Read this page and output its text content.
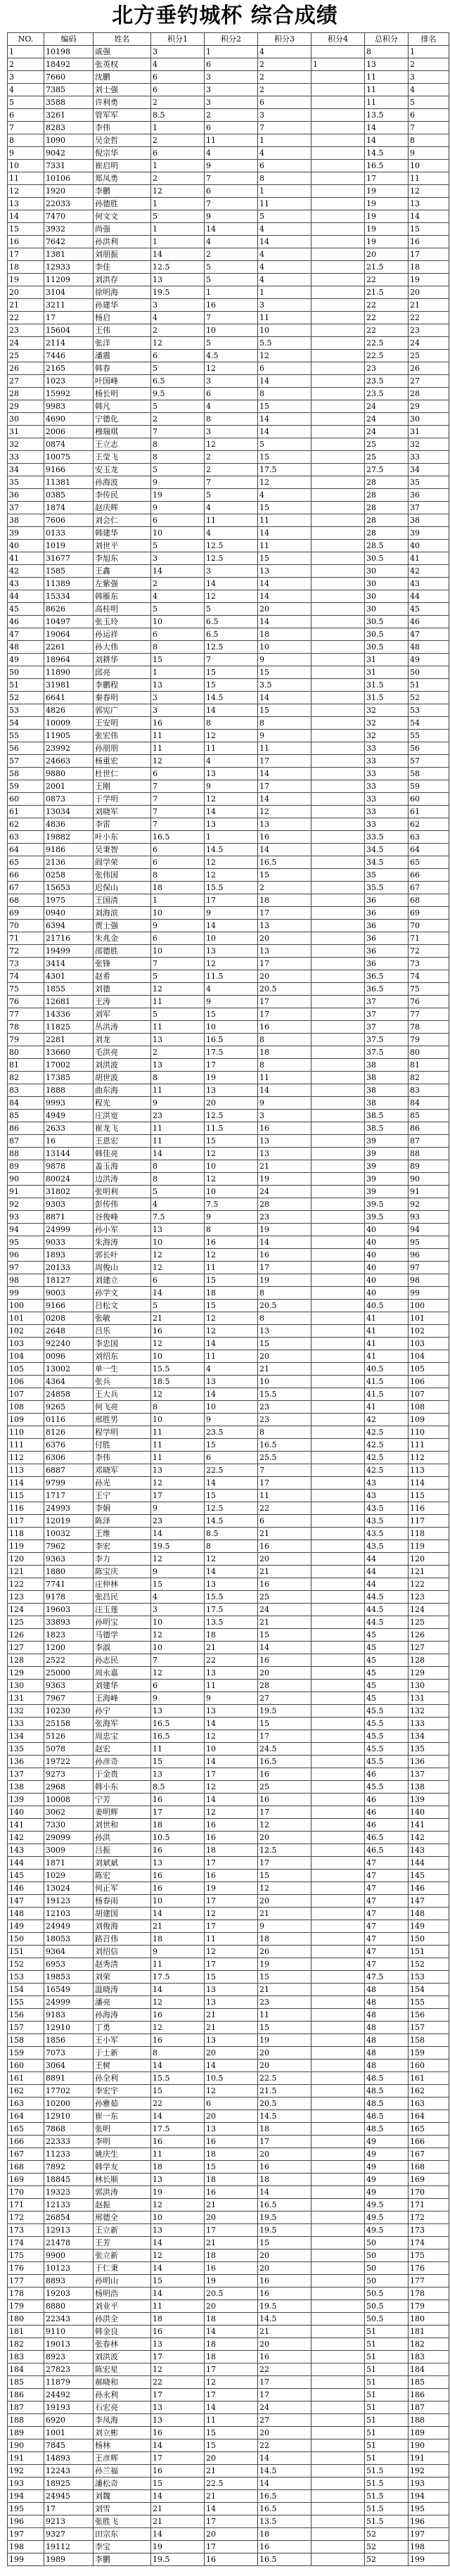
北方垂钓城杯 综合成绩
NO.	编码	姓名	积分1	积分2	积分3	积分4	总积分	排名
1	10198	戚强	3	1	4		8	1
2	18492	张英权	4	6	2	1	13	2
3	7660	沈鹏	6	3	2		11	3
4	7385	刘士强	6	3	2		11	4
5	3588	许利勇	2	3	6		11	5
6	3261	管军军	8.5	2	3		13.5	6
7	8283	李伟	1	6	7		14	7
8	1090	吴金哲	2	11	1		14	8
9	9042	倪宗华	6	4	4		14.5	9
10	7331	崔启明	1	9	6		16.5	10
11	10106	郑凤勇	2	7	8		17	11
12	1920	李鹏	12	6	1		19	12
13	22033	孙德胜	1	7	11		19	13
14	7470	何文文	5	9	5		19	14
15	3932	尚强	1	14	4		19	15
16	7642	孙洪利	1	4	14		19	16
17	1381	刘朋振	14	2	4		20	17
18	12933	李佳	12.5	5	4		21.5	18
19	11209	刘洪存	13	5	4		22	19
20	3104	徐明海	19.5	1	1		21.5	20
21	3211	孙建华	3	16	3		22	21
22	17	杨启	4	7	11		22	22
23	15604	王伟	2	10	10		22	23
24	2114	张洋	12	5	5.5		22.5	24
25	7446	潘震	6	4.5	12		22.5	25
26	2165	韩春	5	12	6		23	26
27	1023	叶国峰	6.5	3	14		23.5	27
28	15992	杨长明	9.5	6	8		23.5	28
29	9983	韩凡	5	4	15		24	29
30	4690	宁德化	2	8	14		24	30
31	2006	穆瑞琪	7	3	14		24	31
32	0874	王立志	8	12	5		25	32
33	10075	王莹飞	8	2	15		25	33
34	9166	安玉龙	5	2	17.5		27.5	34
35	11381	孙海波	9	7	12		28	35
36	0385	李传民	19	5	4		28	36
37	1874	赵庆辉	9	4	15		28	37
38	7606	刘会仁	6	11	11		28	38
39	0133	韩建华	10	4	14		28	39
40	1019	刘世平	5	12.5	11		28.5	40
41	31677	李旭东	3	12.5	15		30.5	41
42	1585	王鑫	14	3	13		30	42
43	11389	左紫强	2	14	14		30	43
44	15334	韩雁东	4	12	14		30	44
45	8626	高桂明	5	5	20		30	45
46	10497	张玉玲	10	6.5	14		30.5	46
47	19064	孙运祥	6	6.5	18		30.5	47
48	2261	孙大伟	8	12.5	10		30.5	48
49	18964	刘耕华	15	7	9		31	49
50	11890	邱亮	1	15	15		31	50
51	31981	李鹏程	13	15	3.5		31.5	51
52	6641	秦春明	3	14.5	14		31.5	52
53	4826	郭宪广	3	14	15		32	53
54	10009	王安明	16	8	8		32	54
55	11905	张宏伟	11	12	9		32	55
56	23992	孙朋朋	11	11	11		33	56
57	24663	杨重宏	12	4	17		33	57
58	9880	杜世仁	6	13	14		33	58
59	2001	王刚	7	9	17		33	59
60	0873	于学明	7	12	14		33	60
61	13034	刘晓军	7	14	12		33	61
62	4836	李雷	7	13	13		33	62
63	19882	叶小东	16.5	1	16		33.5	63
64	9186	吴秉智	6	14.5	14		34.5	64
65	2136	阎学荣	6	12	16.5		34.5	65
66	0258	张伟国	8	12	15		35	66
67	15653	迟保山	18	15.5	2		35.5	67
68	1975	王国清	1	17	18		36	68
69	0940	刘海滨	10	9	17		36	69
70	6394	贾士强	9	14	13		36	70
71	21716	朱兆金	6	10	20		36	71
72	19499	邵德胜	10	13	13		36	72
73	3414	张锋	7	12	17		36	73
74	4301	赵希	5	11.5	20		36.5	74
75	1855	刘德	12	4	20.5		36.5	75
76	12681	王涛	11	9	17		37	76
77	14336	刘军	5	15	17		37	77
78	11825	丛洪涛	11	10	16		37	78
79	2281	刘龙	13	16.5	8		37.5	79
80	13660	毛洪亮	2	17.5	18		37.5	80
81	17002	刘洪波	13	17	8		38	81
82	17385	胡世波	8	19	11		38	82
83	1888	曲东海	11	13	14		38	83
84	9993	程光	9	20	9		38	84
85	4949	庄洪宽	23	12.5	3		38.5	85
86	2633	崔龙飞	11	11.5	16		38.5	86
87	16	王恩宏	11	15	13		39	87
88	13144	韩佳亮	14	12	13		39	88
89	9878	盖玉海	8	10	21		39	89
90	80024	边洪涛	8	12	19		39	90
91	31802	张明利	5	10	24		39	91
92	9303	彭传伟	4	7.5	28		39.5	92
93	8871	谷俊峰	7.5	9	23		39.5	93
94	24999	孙小军	13	8	19		40	94
95	9033	朱海涛	10	16	14		40	95
96	1893	郭长叶	12	12	16		40	96
97	20133	周俊山	12	11	17		40	97
98	18127	刘建立	6	15	19		40	98
99	9003	孙学文	14	18	8		40	99
100	9166	吕松文	5	15	20.5		40.5	100
101	0208	张敏	21	12	8		41	101
102	2648	吕乐	16	12	13		41	102
103	92240	李忠国	12	14	15		41	103
104	0096	刘绍东	10	11	20		41	104
105	13002	单一生	15.5	4	21		40.5	105
106	4364	张兵	18.5	13	10		41.5	106
107	24858	王大兵	12	14	15.5		41.5	107
108	9265	何飞亮	8	10	23		41	108
109	0116	邢胜男	10	9	23		42	109
110	8126	程学明	11	23.5	8		42.5	110
111	6376	付胜	11	15	16.5		42.5	111
112	6306	李伟	11	6	25.5		42.5	112
113	6887	邓晓军	13	22.5	7		42.5	113
114	9799	孙光	12	14	17		43	114
115	1717	王宁	17	15	11		43	115
116	24993	李娟	9	12.5	22		43.5	116
117	12019	陈泽	23	14.5	6		43.5	117
118	10032	王维	14	8.5	21		43.5	118
119	7962	李宏	19.5	8	16		43.5	119
120	9363	李力	12	12	20		44	120
121	1880	陈宝庆	9	14	21		44	121
122	7741	庄仲林	15	13	16		44	122
123	9178	张昌民	4	15.5	25		44.5	123
124	19603	汪玉莲	3	17.5	24		44.5	124
125	33893	孙明宝	10	13.5	21		44.5	125
126	1823	马德学	12	18	15		45	126
127	1200	李淑	10	21	14		45	127
128	2522	孙志民	7	22	16		45	128
129	25000	周永嘉	12	13	20		45	129
130	9363	刘建华	6	11	28		45	130
131	7967	王海峰	9	9	27		45	131
132	10230	孙宁	13	13	19.5		45.5	132
133	25158	张海军	16.5	14	15		45.5	133
134	5126	周忠宝	16.5	12	17		45.5	134
135	5078	赵宏	11	10	24.5		45.5	135
136	19722	孙彦奇	15	14	16.5		45.5	136
137	9273	于金贵	13	17	16		46	137
138	2968	韩小东	8.5	12	25		45.5	138
139	10008	宁芳	16	14	16		46	139
140	3062	姜明辉	17	12	17		46	140
141	7330	刘世和	18	16	12		46	141
142	29099	孙洪	10.5	16	20		46.5	142
143	3009	吕振	16	18	12.5		46.5	143
144	1871	刘斌斌	13	17	17		47	144
145	1029	陈宏	16	16	15		47	145
146	13024	何正军	16	19	12		47	146
147	19123	杨春雨	10	17	20		47	147
148	12103	胡建国	14	12	21		47	148
149	24949	刘俊海	21	17	9		47	149
150	18053	路召伟	18	11	18		47	150
151	9364	刘绍信	9	12	26		47	151
152	6953	赵秀清	11	17	19		47	152
153	19853	刘荣	17.5	15	15		47.5	153
154	16549	温晓涛	14	13	21		48	154
155	24999	潘亮	12	13	23		48	155
156	9183	孙海涛	16	21	11		48	156
157	12910	丁勇	12	21	15		48	157
158	1856	王小军	16	13	19		48	158
159	7073	于士新	8	20	20		48	159
160	3064	王树	14	14	20		48	160
161	8891	孙全利	15.5	10.5	22.5		48.5	161
162	17702	李宏宇	15	12	21.5		48.5	162
163	10200	孙雅茹	22	6	20.5		48.5	163
164	12910	崔一东	14	20	14.5		48.5	164
165	7868	张明	17.5	13	18		48.5	165
166	22333	李明	16	16	17		49	166
167	11233	姚庆生	11	18	20		49	167
168	7892	韩学友	18	15	16		49	168
169	18845	林长顺	13	18	18		49	169
170	19323	郭洪涛	19	16	14		49	170
171	12133	赵振	12	21	16.5		49.5	171
172	26854	邢德全	10	20	19.5		49.5	172
173	12913	王立新	13	17	19.5		49.5	173
174	21478	王芳	14	21	15		50	174
175	9900	张立新	12	18	20		50	175
176	10123	于仁秉	14	16	20		50	176
177	8893	孙明山	15	19	16		50	177
178	19203	杨明浩	14	20.5	16		50.5	178
179	8880	刘业平	11	20	19.5		50.5	179
180	22343	孙洪全	18	18	14.5		50.5	180
181	9110	韩金良	16	14	21		51	181
182	19013	张春林	13	18	20		51	182
183	8923	刘洪波	17	18	16		51	183
184	27823	陈宏星	12	17	22		51	184
185	11879	郝晓和	22	12	17		51	185
186	24492	孙永利	17	17	17		51	186
187	19193	石宏亮	13	14	24		51	187
188	6920	李凤海	13	11	27		51	188
189	1001	刘立彬	16	15	20		51	189
190	7845	杨林	14	15	22		51	190
191	14893	王彦辉	17	20	14		51	191
192	12243	孙兰福	16	21	14.5		51.5	192
193	18925	潘松奇	15	22.5	14		51.5	193
194	24945	刘魏	14	21	16.5		51.5	194
195	17	刘雪	21	14	16.5		51.5	195
196	9213	张胜飞	21	17	13.5		51.5	196
197	9327	田宗东	14	20	18		52	197
198	19112	李宝	19	17	16		52	198
199	1989	李鹏	19.5	16	16.5		52	199
